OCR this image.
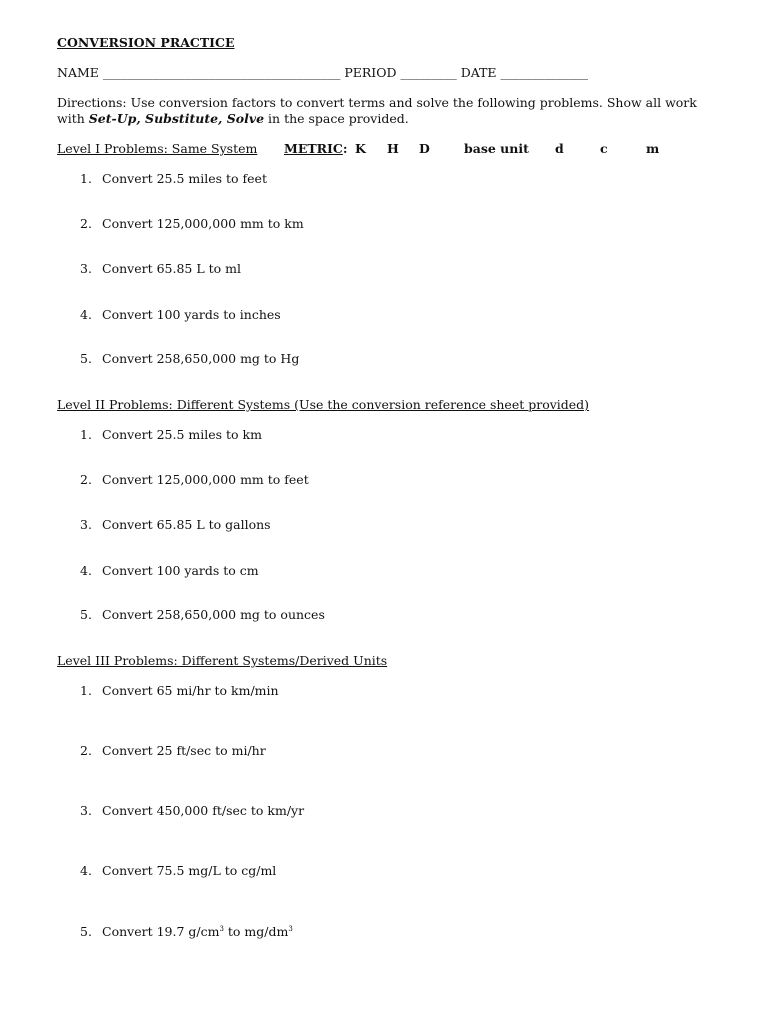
CONVERSION PRACTICE
NAME ______________________________________ PERIOD _________ DATE ______________
Directions: Use conversion factors to convert terms and solve the following problems. Show all work with Set-Up, Substitute, Solve in the space provided.
Level I Problems: Same System METRIC: K H D	base unit d	c	m
1. Convert 25.5 miles to feet
2. Convert 125,000,000 mm to km
3. Convert 65.85 L to ml
4. Convert 100 yards to inches
5. Convert 258,650,000 mg to Hg
Level II Problems: Different Systems (Use the conversion reference sheet provided)
1. Convert 25.5 miles to km
2. Convert 125,000,000 mm to feet
3. Convert 65.85 L to gallons
4. Convert 100 yards to cm
5. Convert 258,650,000 mg to ounces
Level III Problems: Different Systems/Derived Units
1. Convert 65 mi/hr to km/min
2. Convert 25 ft/sec to mi/hr
3. Convert 450,000 ft/sec to km/yr
4. Convert 75.5 mg/L to cg/ml
5. Convert 19.7 $g/cm^3$ to $mg/dm^3$
